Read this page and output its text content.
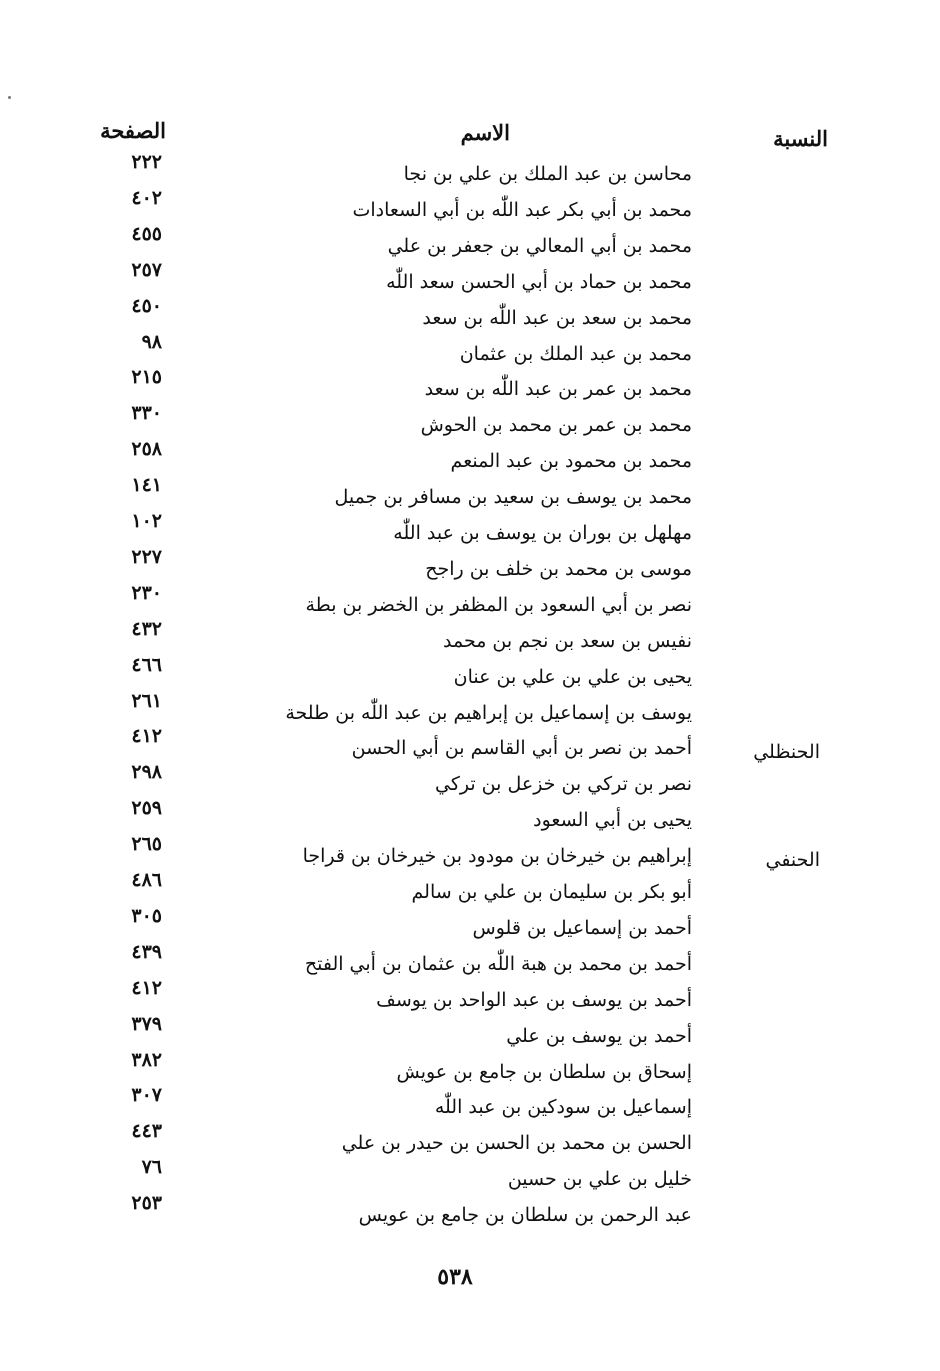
النسبة
الاسم
الصفحة
٢٢٢
محاسن بن عبد الملك بن علي بن نجا
٤٠٢
محمد بن أبي بكر عبد اللّٰه بن أبي السعادات
٤٥٥
محمد بن أبي المعالي بن جعفر بن علي
٢٥٧
محمد بن حماد بن أبي الحسن سعد اللّٰه
٤٥٠
محمد بن سعد بن عبد اللّٰه بن سعد
٩٨
محمد بن عبد الملك بن عثمان
٢١٥
محمد بن عمر بن عبد اللّٰه بن سعد
٣٣٠
محمد بن عمر بن محمد بن الحوش
٢٥٨
محمد بن محمود بن عبد المنعم
١٤١
محمد بن يوسف بن سعيد بن مسافر بن جميل
١٠٢
مهلهل بن بوران بن يوسف بن عبد اللّٰه
٢٢٧
موسى بن محمد بن خلف بن راجح
٢٣٠
نصر بن أبي السعود بن المظفر بن الخضر بن بطة
٤٣٢
نفيس بن سعد بن نجم بن محمد
٤٦٦
يحيى بن علي بن علي بن عنان
٢٦١
يوسف بن إسماعيل بن إبراهيم بن عبد اللّٰه بن طلحة
٤١٢
أحمد بن نصر بن أبي القاسم بن أبي الحسن	الحنظلي
٢٩٨
نصر بن تركي بن خزعل بن تركي
٢٥٩
يحيى بن أبي السعود
٢٦٥
إبراهيم بن خيرخان بن مودود بن خيرخان بن قراجا	الحنفي
٤٨٦
أبو بكر بن سليمان بن علي بن سالم
٣٠٥
أحمد بن إسماعيل بن قلوس
٤٣٩
أحمد بن محمد بن هبة اللّٰه بن عثمان بن أبي الفتح
٤١٢
أحمد بن يوسف بن عبد الواحد بن يوسف
٣٧٩
أحمد بن يوسف بن علي
٣٨٢
إسحاق بن سلطان بن جامع بن عويش
٣٠٧
إسماعيل بن سودكين بن عبد اللّٰه
٤٤٣
الحسن بن محمد بن الحسن بن حيدر بن علي
٧٦
خليل بن علي بن حسين
٢٥٣
عبد الرحمن بن سلطان بن جامع بن عويس
٥٣٨
